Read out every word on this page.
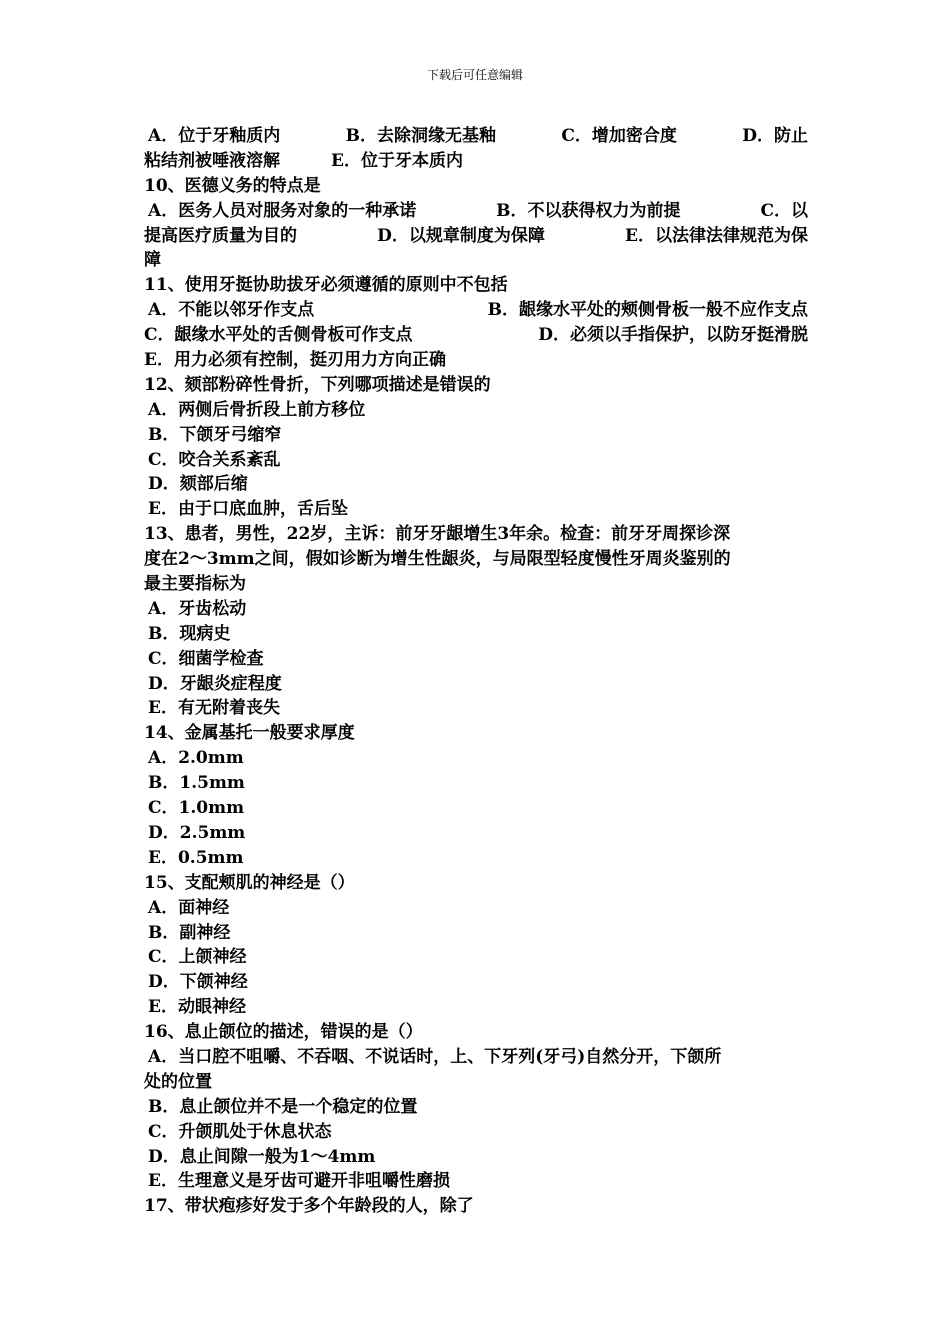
下载后可任意编辑
A．位于牙釉质内	B．去除洞缘无基釉	C．增加密合度	D．防止
粘结剂被唾液溶解　　　E．位于牙本质内
10、医德义务的特点是
A．医务人员对服务对象的一种承诺	B．不以获得权力为前提	C．以
提高医疗质量为目的	D．以规章制度为保障	E．以法律法律规范为保
障
11、使用牙挺协助拔牙必须遵循的原则中不包括
A．不能以邻牙作支点	B．龈缘水平处的颊侧骨板一般不应作支点
C．龈缘水平处的舌侧骨板可作支点	D．必须以手指保护，以防牙挺滑脱
E．用力必须有控制，挺刃用力方向正确
12、颏部粉碎性骨折，下列哪项描述是错误的
A．两侧后骨折段上前方移位
B．下颌牙弓缩窄
C．咬合关系紊乱
D．颏部后缩
E．由于口底血肿，舌后坠
13、患者，男性，22岁，主诉：前牙牙龈增生3年余。检查：前牙牙周探诊深
度在2～3mm之间，假如诊断为增生性龈炎，与局限型轻度慢性牙周炎鉴别的
最主要指标为
A．牙齿松动
B．现病史
C．细菌学检查
D．牙龈炎症程度
E．有无附着丧失
14、金属基托一般要求厚度
A．2.0mm
B．1.5mm
C．1.0mm
D．2.5mm
E．0.5mm
15、支配颊肌的神经是（）
A．面神经
B．副神经
C．上颌神经
D．下颌神经
E．动眼神经
16、息止颌位的描述，错误的是（）
A．当口腔不咀嚼、不吞咽、不说话时，上、下牙列(牙弓)自然分开，下颌所
处的位置
B．息止颌位并不是一个稳定的位置
C．升颌肌处于休息状态
D．息止间隙一般为1～4mm
E．生理意义是牙齿可避开非咀嚼性磨损
17、带状疱疹好发于多个年龄段的人，除了
